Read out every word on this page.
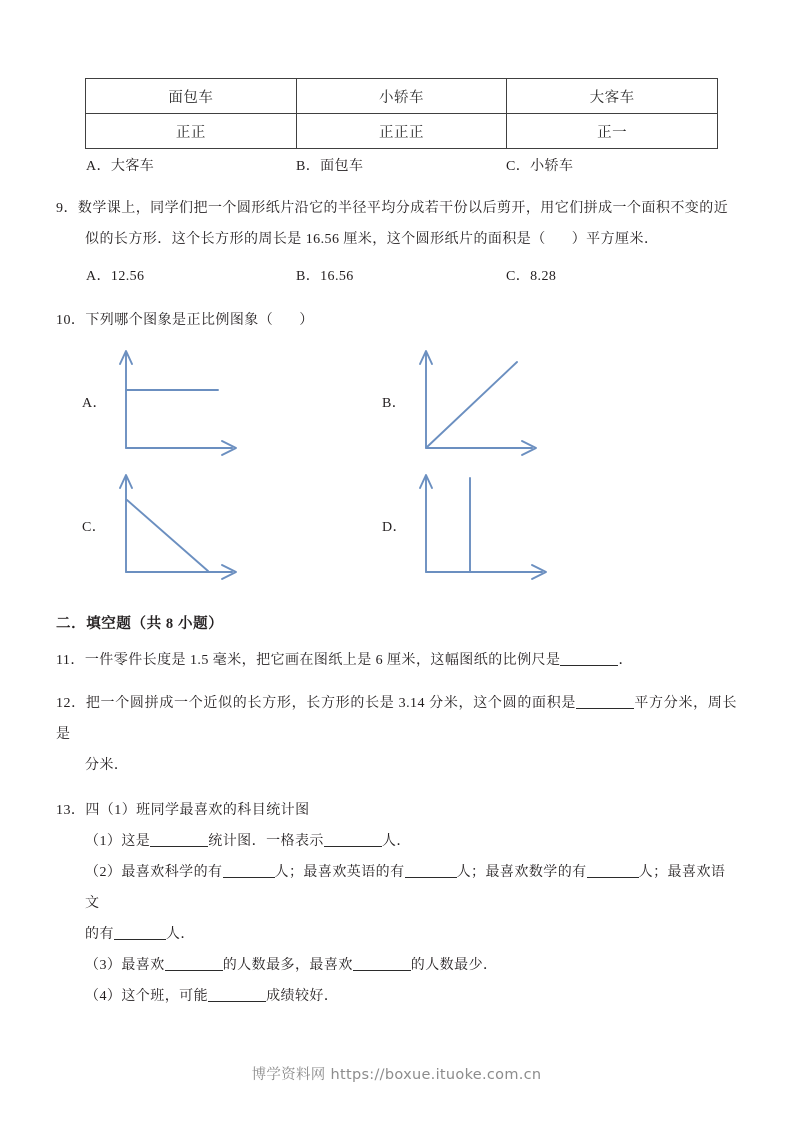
面包车	小轿车	大客车
正正	正正正	正一
A．大客车	B．面包车	C．小轿车
9．数学课上，同学们把一个圆形纸片沿它的半径平均分成若干份以后剪开，用它们拼成一个面积不变的近
似的长方形．这个长方形的周长是 16.56 厘米，这个圆形纸片的面积是（ ）平方厘米．
A．12.56	B．16.56	C．8.28
10．下列哪个图象是正比例图象（ ）
A．	B．
C．	D．
二．填空题（共 8 小题）
11．一件零件长度是 1.5 毫米，把它画在图纸上是 6 厘米，这幅图纸的比例尺是	．
12．把一个圆拼成一个近似的长方形，长方形的长是 3.14 分米，这个圆的面积是	平方分米，周长是
分米．
13．四（1）班同学最喜欢的科目统计图
（1）这是	统计图．一格表示	人．
（2）最喜欢科学的有	人；最喜欢英语的有	人；最喜欢数学的有	人；最喜欢语文
的有	人．
（3）最喜欢	的人数最多，最喜欢	的人数最少．
（4）这个班，可能	成绩较好．
博学资料网 https://boxue.ituoke.com.cn
